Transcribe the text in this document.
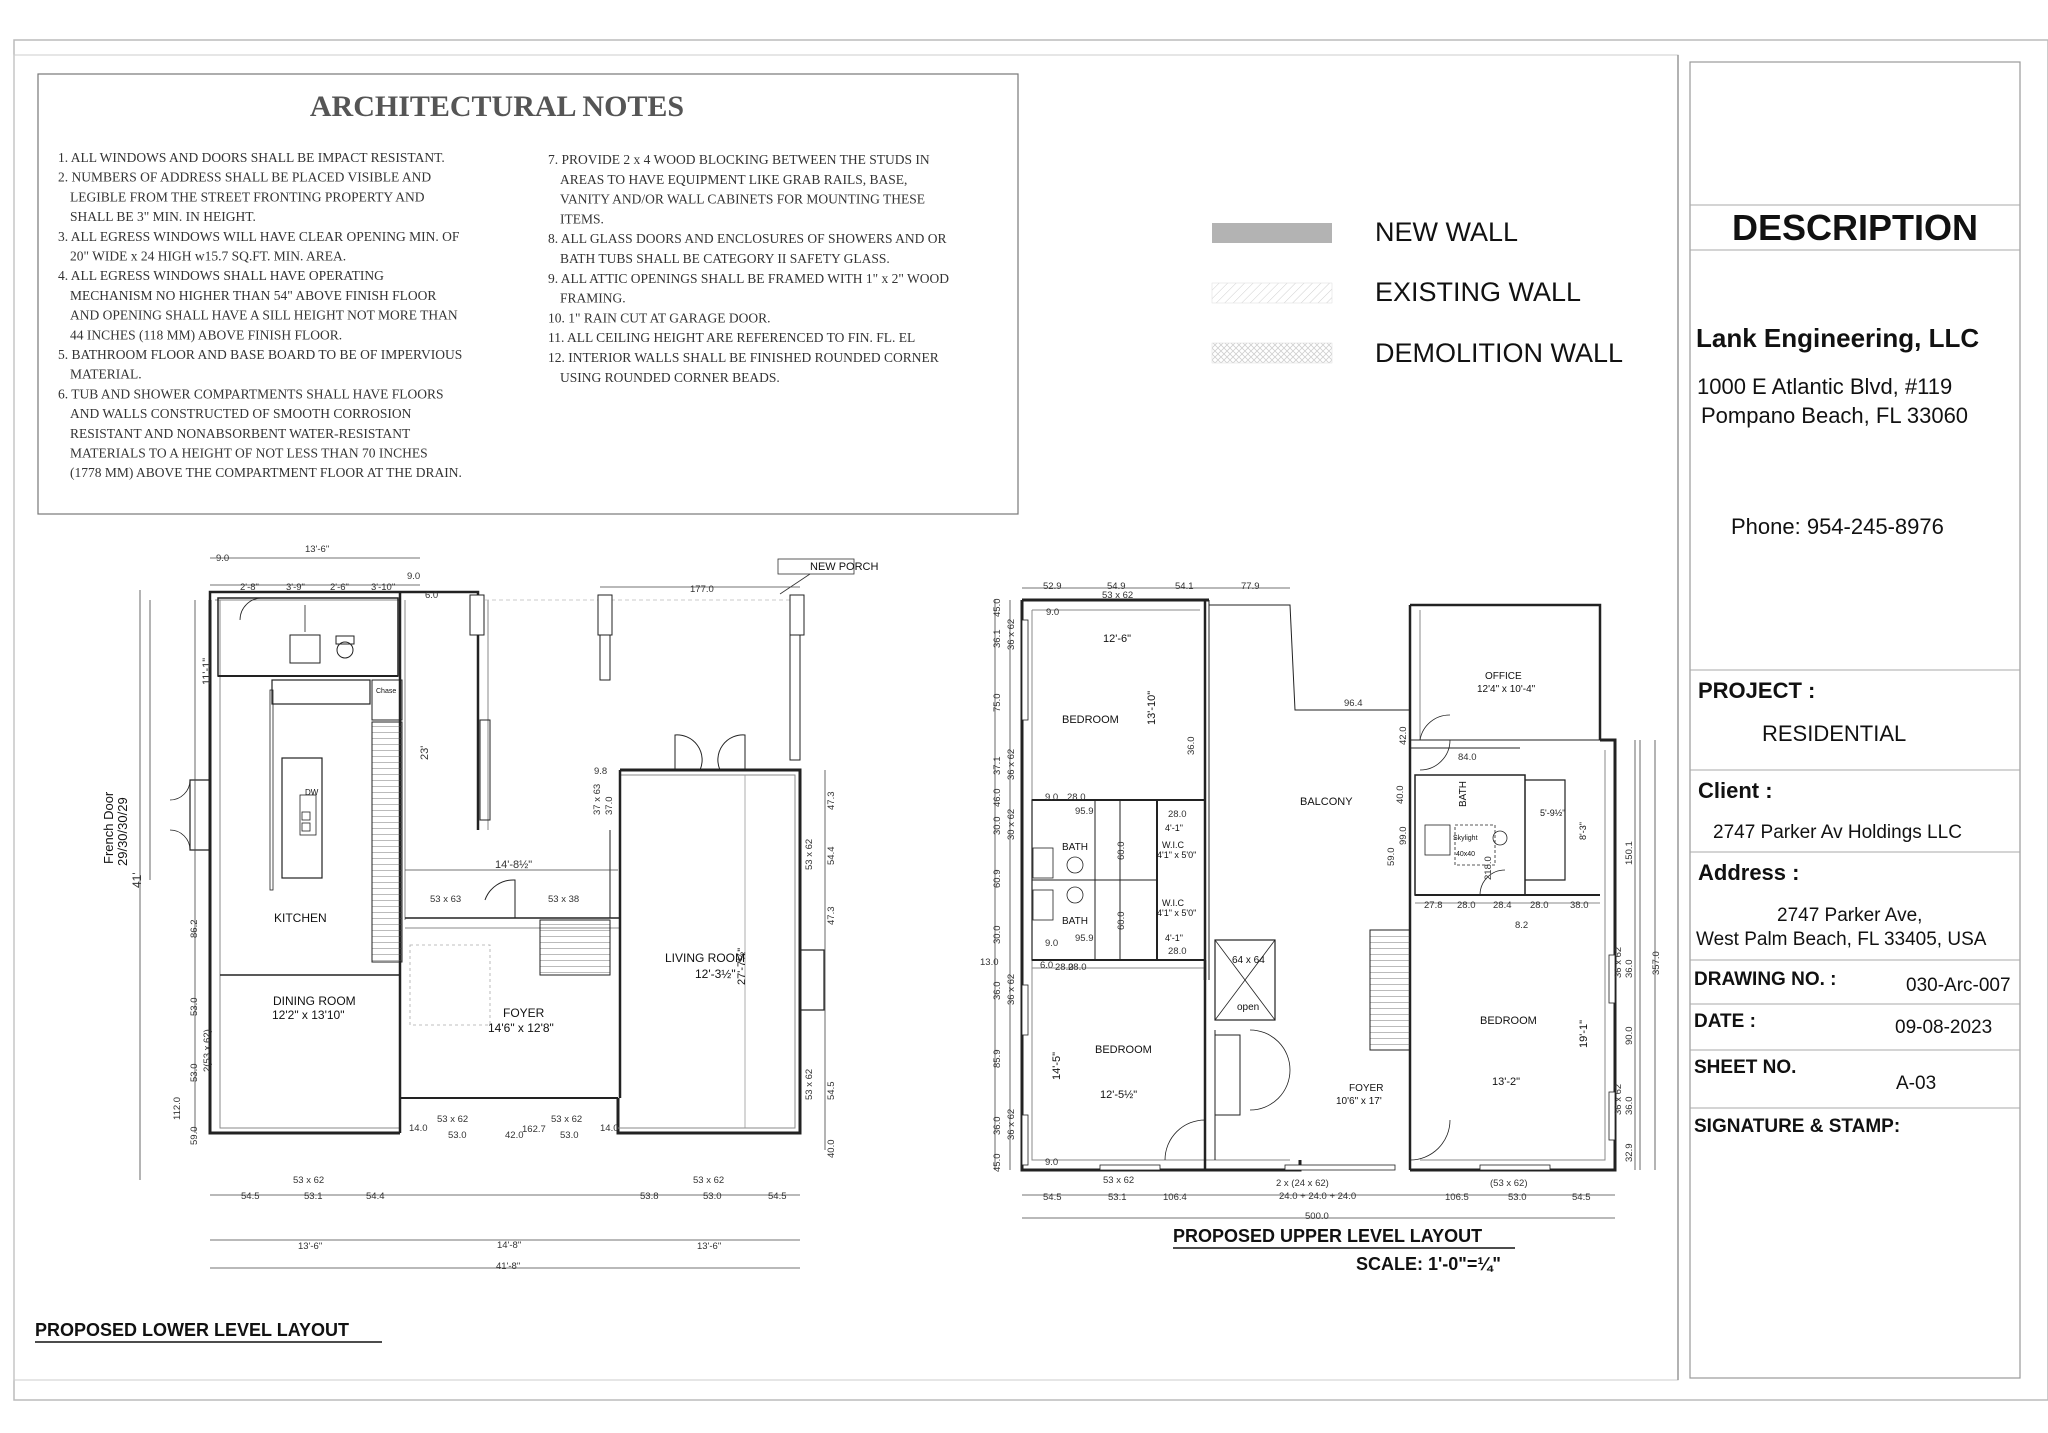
ARCHITECTURAL NOTES
1. ALL WINDOWS AND DOORS SHALL BE IMPACT RESISTANT.
2. NUMBERS OF ADDRESS SHALL BE PLACED VISIBLE AND
LEGIBLE FROM THE STREET FRONTING PROPERTY AND
SHALL BE 3" MIN. IN HEIGHT.
3. ALL EGRESS WINDOWS WILL HAVE CLEAR OPENING MIN. OF
20" WIDE x 24 HIGH w15.7 SQ.FT. MIN. AREA.
4. ALL EGRESS WINDOWS SHALL HAVE OPERATING
MECHANISM NO HIGHER THAN 54" ABOVE FINISH FLOOR
AND OPENING SHALL HAVE A SILL HEIGHT NOT MORE THAN
44 INCHES (118 MM) ABOVE FINISH FLOOR.
5. BATHROOM FLOOR AND BASE BOARD TO BE OF IMPERVIOUS
MATERIAL.
6. TUB AND SHOWER COMPARTMENTS SHALL HAVE FLOORS
AND WALLS CONSTRUCTED OF SMOOTH CORROSION
RESISTANT AND NONABSORBENT WATER-RESISTANT
MATERIALS TO A HEIGHT OF NOT LESS THAN 70 INCHES
(1778 MM) ABOVE THE COMPARTMENT FLOOR AT THE DRAIN.
7. PROVIDE 2 x 4 WOOD BLOCKING BETWEEN THE STUDS IN
AREAS TO HAVE EQUIPMENT LIKE GRAB RAILS, BASE,
VANITY AND/OR WALL CABINETS FOR MOUNTING THESE
ITEMS.
8. ALL GLASS DOORS AND ENCLOSURES OF SHOWERS AND OR
BATH TUBS SHALL BE CATEGORY II SAFETY GLASS.
9. ALL ATTIC OPENINGS SHALL BE FRAMED WITH 1" x 2" WOOD
FRAMING.
10. 1" RAIN CUT AT GARAGE DOOR.
11. ALL CEILING HEIGHT ARE REFERENCED TO FIN. FL. EL
12. INTERIOR WALLS SHALL BE FINISHED ROUNDED CORNER
USING ROUNDED CORNER BEADS.
NEW WALL
EXISTING WALL
DEMOLITION WALL
DESCRIPTION
Lank Engineering, LLC
1000 E Atlantic Blvd, #119
Pompano Beach, FL 33060
Phone: 954-245-8976
PROJECT :
RESIDENTIAL
Client :
2747 Parker Av Holdings LLC
Address :
2747 Parker Ave,
West Palm Beach, FL 33405, USA
DRAWING NO. :	030-Arc-007
DATE :	09-08-2023
SHEET NO.
A-03
SIGNATURE & STAMP:
NEW PORCH
KITCHEN
DINING ROOM
12'2" x 13'10"	FOYER
14'6" x 12'8"
LIVING ROOM
12'-3½" 27'-7½"
DW
Chase
French Door 29/30/30/29
13'-6"
9.0
9.0
6.0
2'-8"	3'-9"	2'-6" 3'-10"	177.0
11'-1"
23'
41'
86.2
53.0
2(53 x 62)
53.0
112.0
59.0
14'-8½"
53 x 63	53 x 38
37 x 63
9.8
37.0	47.3
53 x 62 54.4
47.3
53 x 62 54.5
40.0
53 x 62	53 x 62
14.0
53.0
162.7
42.0	53.0
14.0
53 x 62	53 x 62
54.5	53.1	54.4	53.8	53.0	54.5
13'-6"	14'-8"	13'-6"
41'-8"
PROPOSED LOWER LEVEL LAYOUT
BEDROOM
12'-6"
13'-10"
OFFICE
12'4" x 10'-4"
BALCONY
BATH
BATH
BATH
W.I.C
4'1" x 5'0"
W.I.C
4'1" x 5'0"
4'-1"
4'-1"
Skylight
40x40
5'-9½"
8'-3"
open
64 x 64
FOYER
10'6" x 17'
BEDROOM
12'-5½"
14'-5"
BEDROOM
13'-2"
19'-1"
52.9	54.9	54.1	77.9
53 x 62
9.0
96.4
84.0
42.0
36.0
45.0
36.1 36 x 62
75.0
37.1 36 x 62
46.0
30.0 30 x 62
60.9
30.0
13.0
36.0 36 x 62
85.9
36.0 36 x 62
45.0
9.0 28.0
95.9	28.0
60.0
60.0
95.9
28.0
9.0
28.0
6.0 28.0
9.0
40.0
99.0
59.0
27.8 28.0 28.4 28.0 38.0
8.2
218.0
150.1
357.0
36 x 62 36.0
90.0
36.0
36 x 62
32.9
53 x 62	2 x (24 x 62)	(53 x 62)
54.5	53.1	106.4	24.0 + 24.0 + 24.0	106.5	53.0	54.5
500.0
PROPOSED UPPER LEVEL LAYOUT
SCALE: 1'-0"=¼"
